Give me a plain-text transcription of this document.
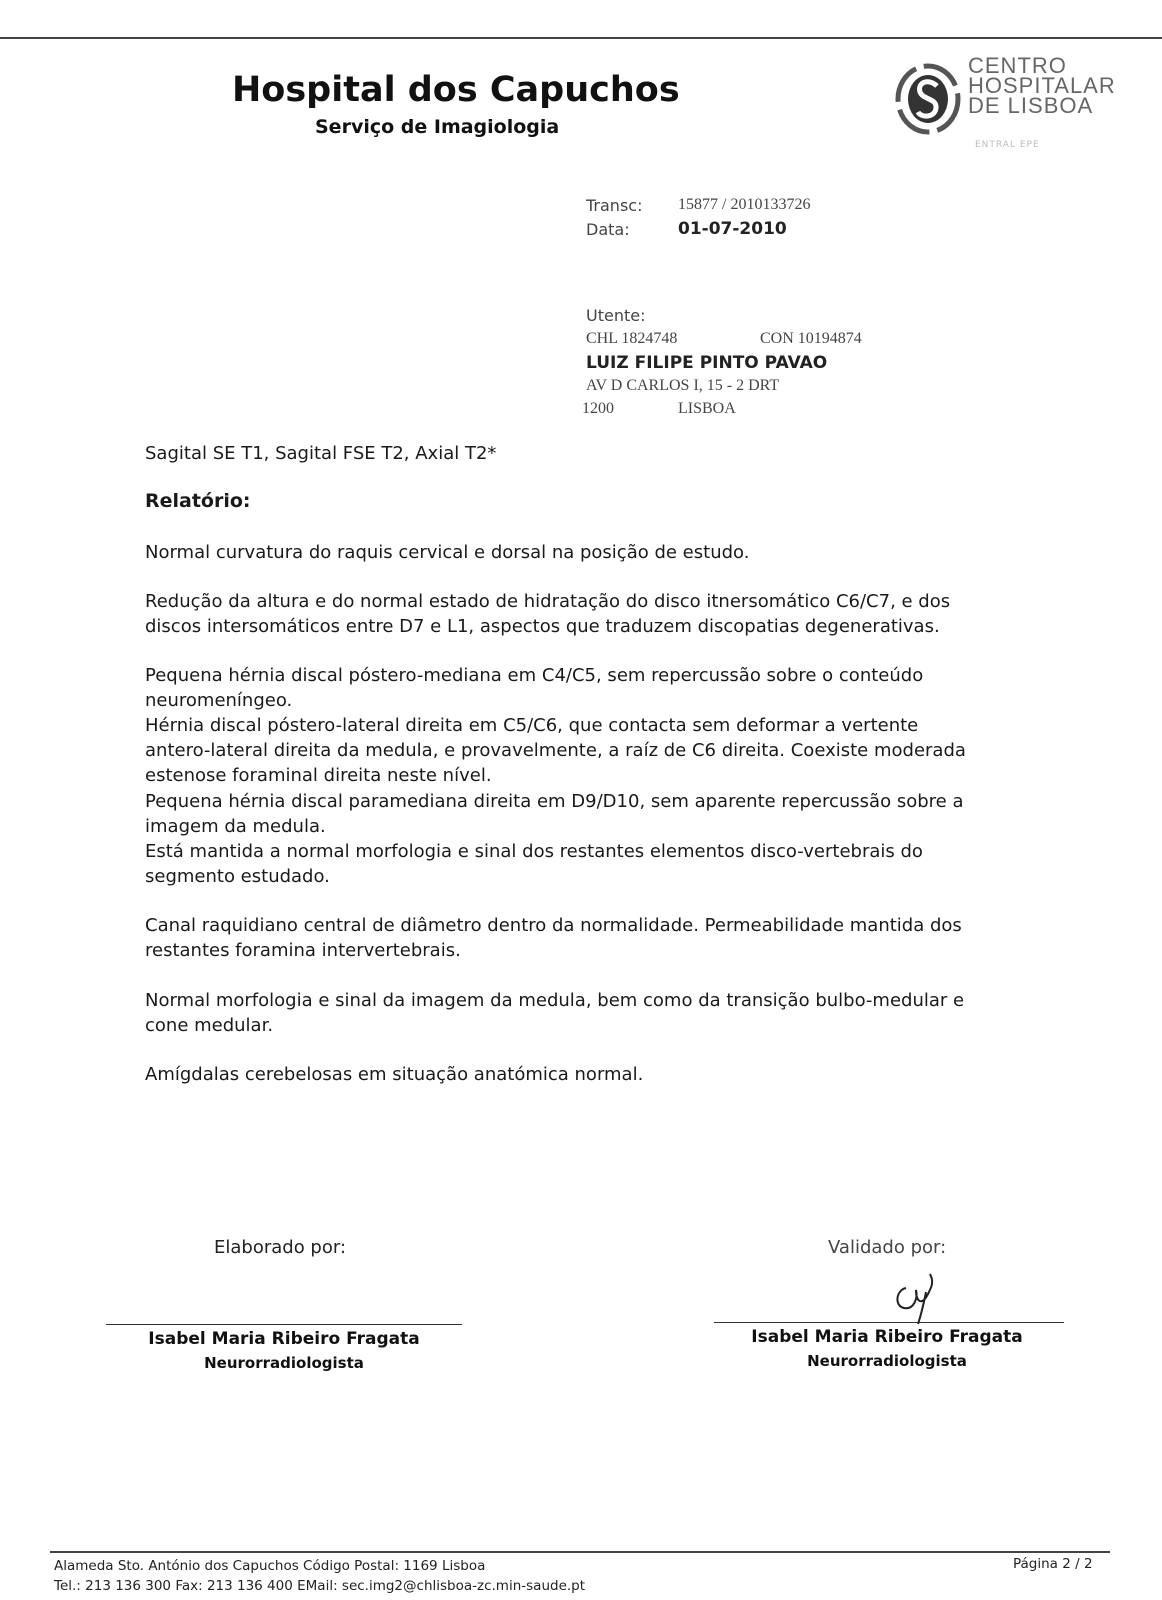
Hospital dos Capuchos
Serviço de Imagiologia
CENTRO
HOSPITALAR
DE LISBOA
ENTRAL EPE
Transc: 15877 / 2010133726
Data:	01-07-2010
Utente:
CHL 1824748	CON 10194874
LUIZ FILIPE PINTO PAVAO
AV D CARLOS I, 15 - 2 DRT
1200	LISBOA
Sagital SE T1, Sagital FSE T2, Axial T2*
Relatório:
Normal curvatura do raquis cervical e dorsal na posição de estudo.
Redução da altura e do normal estado de hidratação do disco itnersomático C6/C7, e dos
discos intersomáticos entre D7 e L1, aspectos que traduzem discopatias degenerativas.
Pequena hérnia discal póstero-mediana em C4/C5, sem repercussão sobre o conteúdo
neuromeníngeo.
Hérnia discal póstero-lateral direita em C5/C6, que contacta sem deformar a vertente
antero-lateral direita da medula, e provavelmente, a raíz de C6 direita. Coexiste moderada
estenose foraminal direita neste nível.
Pequena hérnia discal paramediana direita em D9/D10, sem aparente repercussão sobre a
imagem da medula.
Está mantida a normal morfologia e sinal dos restantes elementos disco-vertebrais do
segmento estudado.
Canal raquidiano central de diâmetro dentro da normalidade. Permeabilidade mantida dos
restantes foramina intervertebrais.
Normal morfologia e sinal da imagem da medula, bem como da transição bulbo-medular e
cone medular.
Amígdalas cerebelosas em situação anatómica normal.
Elaborado por:	Validado por:
Isabel Maria Ribeiro Fragata
Neurorradiologista
Isabel Maria Ribeiro Fragata
Neurorradiologista
Alameda Sto. António dos Capuchos Código Postal: 1169 Lisboa
Tel.: 213 136 300 Fax: 213 136 400 EMail: sec.img2@chlisboa-zc.min-saude.pt
Página 2 / 2
